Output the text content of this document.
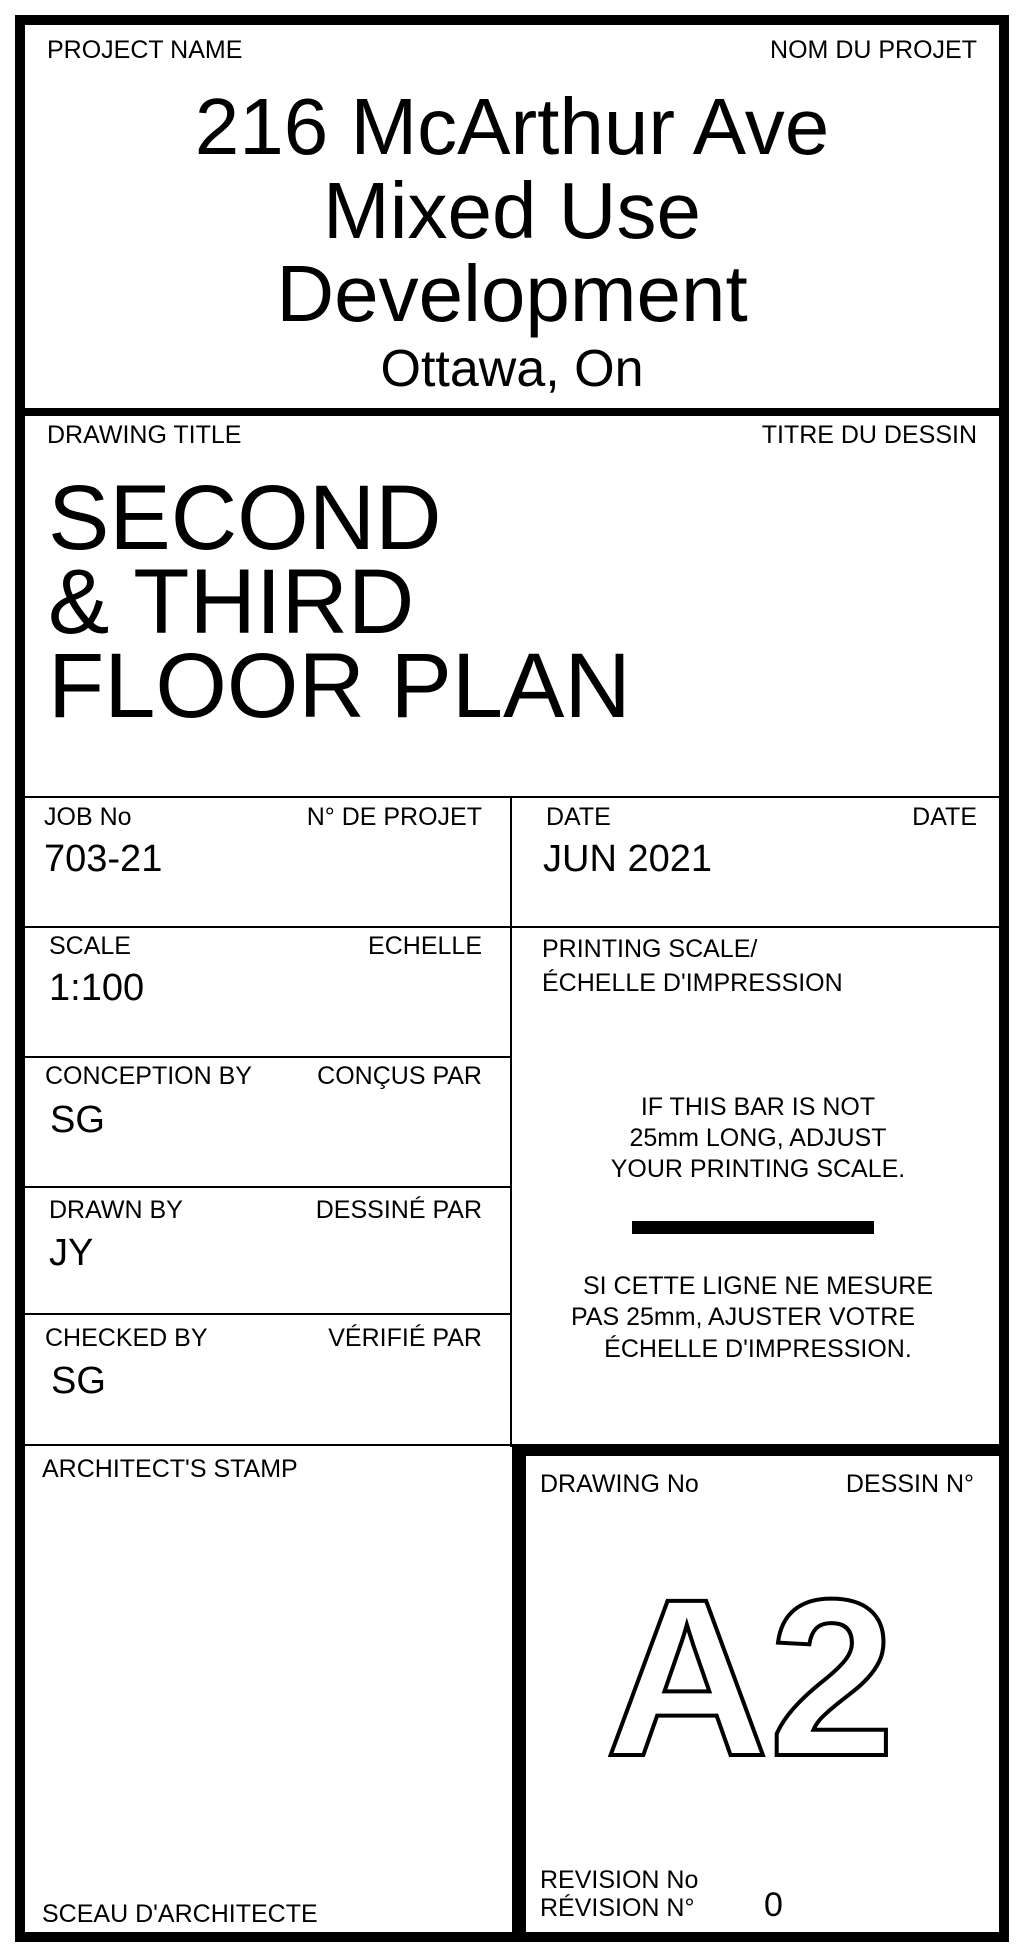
PROJECT NAME	NOM DU PROJET
216 McArthur Ave
Mixed Use
Development
Ottawa, On
DRAWING TITLE	TITRE DU DESSIN
SECOND
& THIRD
FLOOR PLAN
JOB No	N° DE PROJET
703-21
DATE	DATE
JUN 2021
SCALE	ECHELLE
1:100
PRINTING SCALE/
ÉCHELLE D'IMPRESSION
IF THIS BAR IS NOT
25mm LONG, ADJUST
YOUR PRINTING SCALE.
SI CETTE LIGNE NE MESURE
PAS 25mm, AJUSTER VOTRE
ÉCHELLE D'IMPRESSION.
CONCEPTION BY	CONÇUS PAR
SG
DRAWN BY	DESSINÉ PAR
JY
CHECKED BY	VÉRIFIÉ PAR
SG
ARCHITECT'S STAMP
SCEAU D'ARCHITECTE
DRAWING No	DESSIN N°
A2
REVISION No
RÉVISION N° 0
